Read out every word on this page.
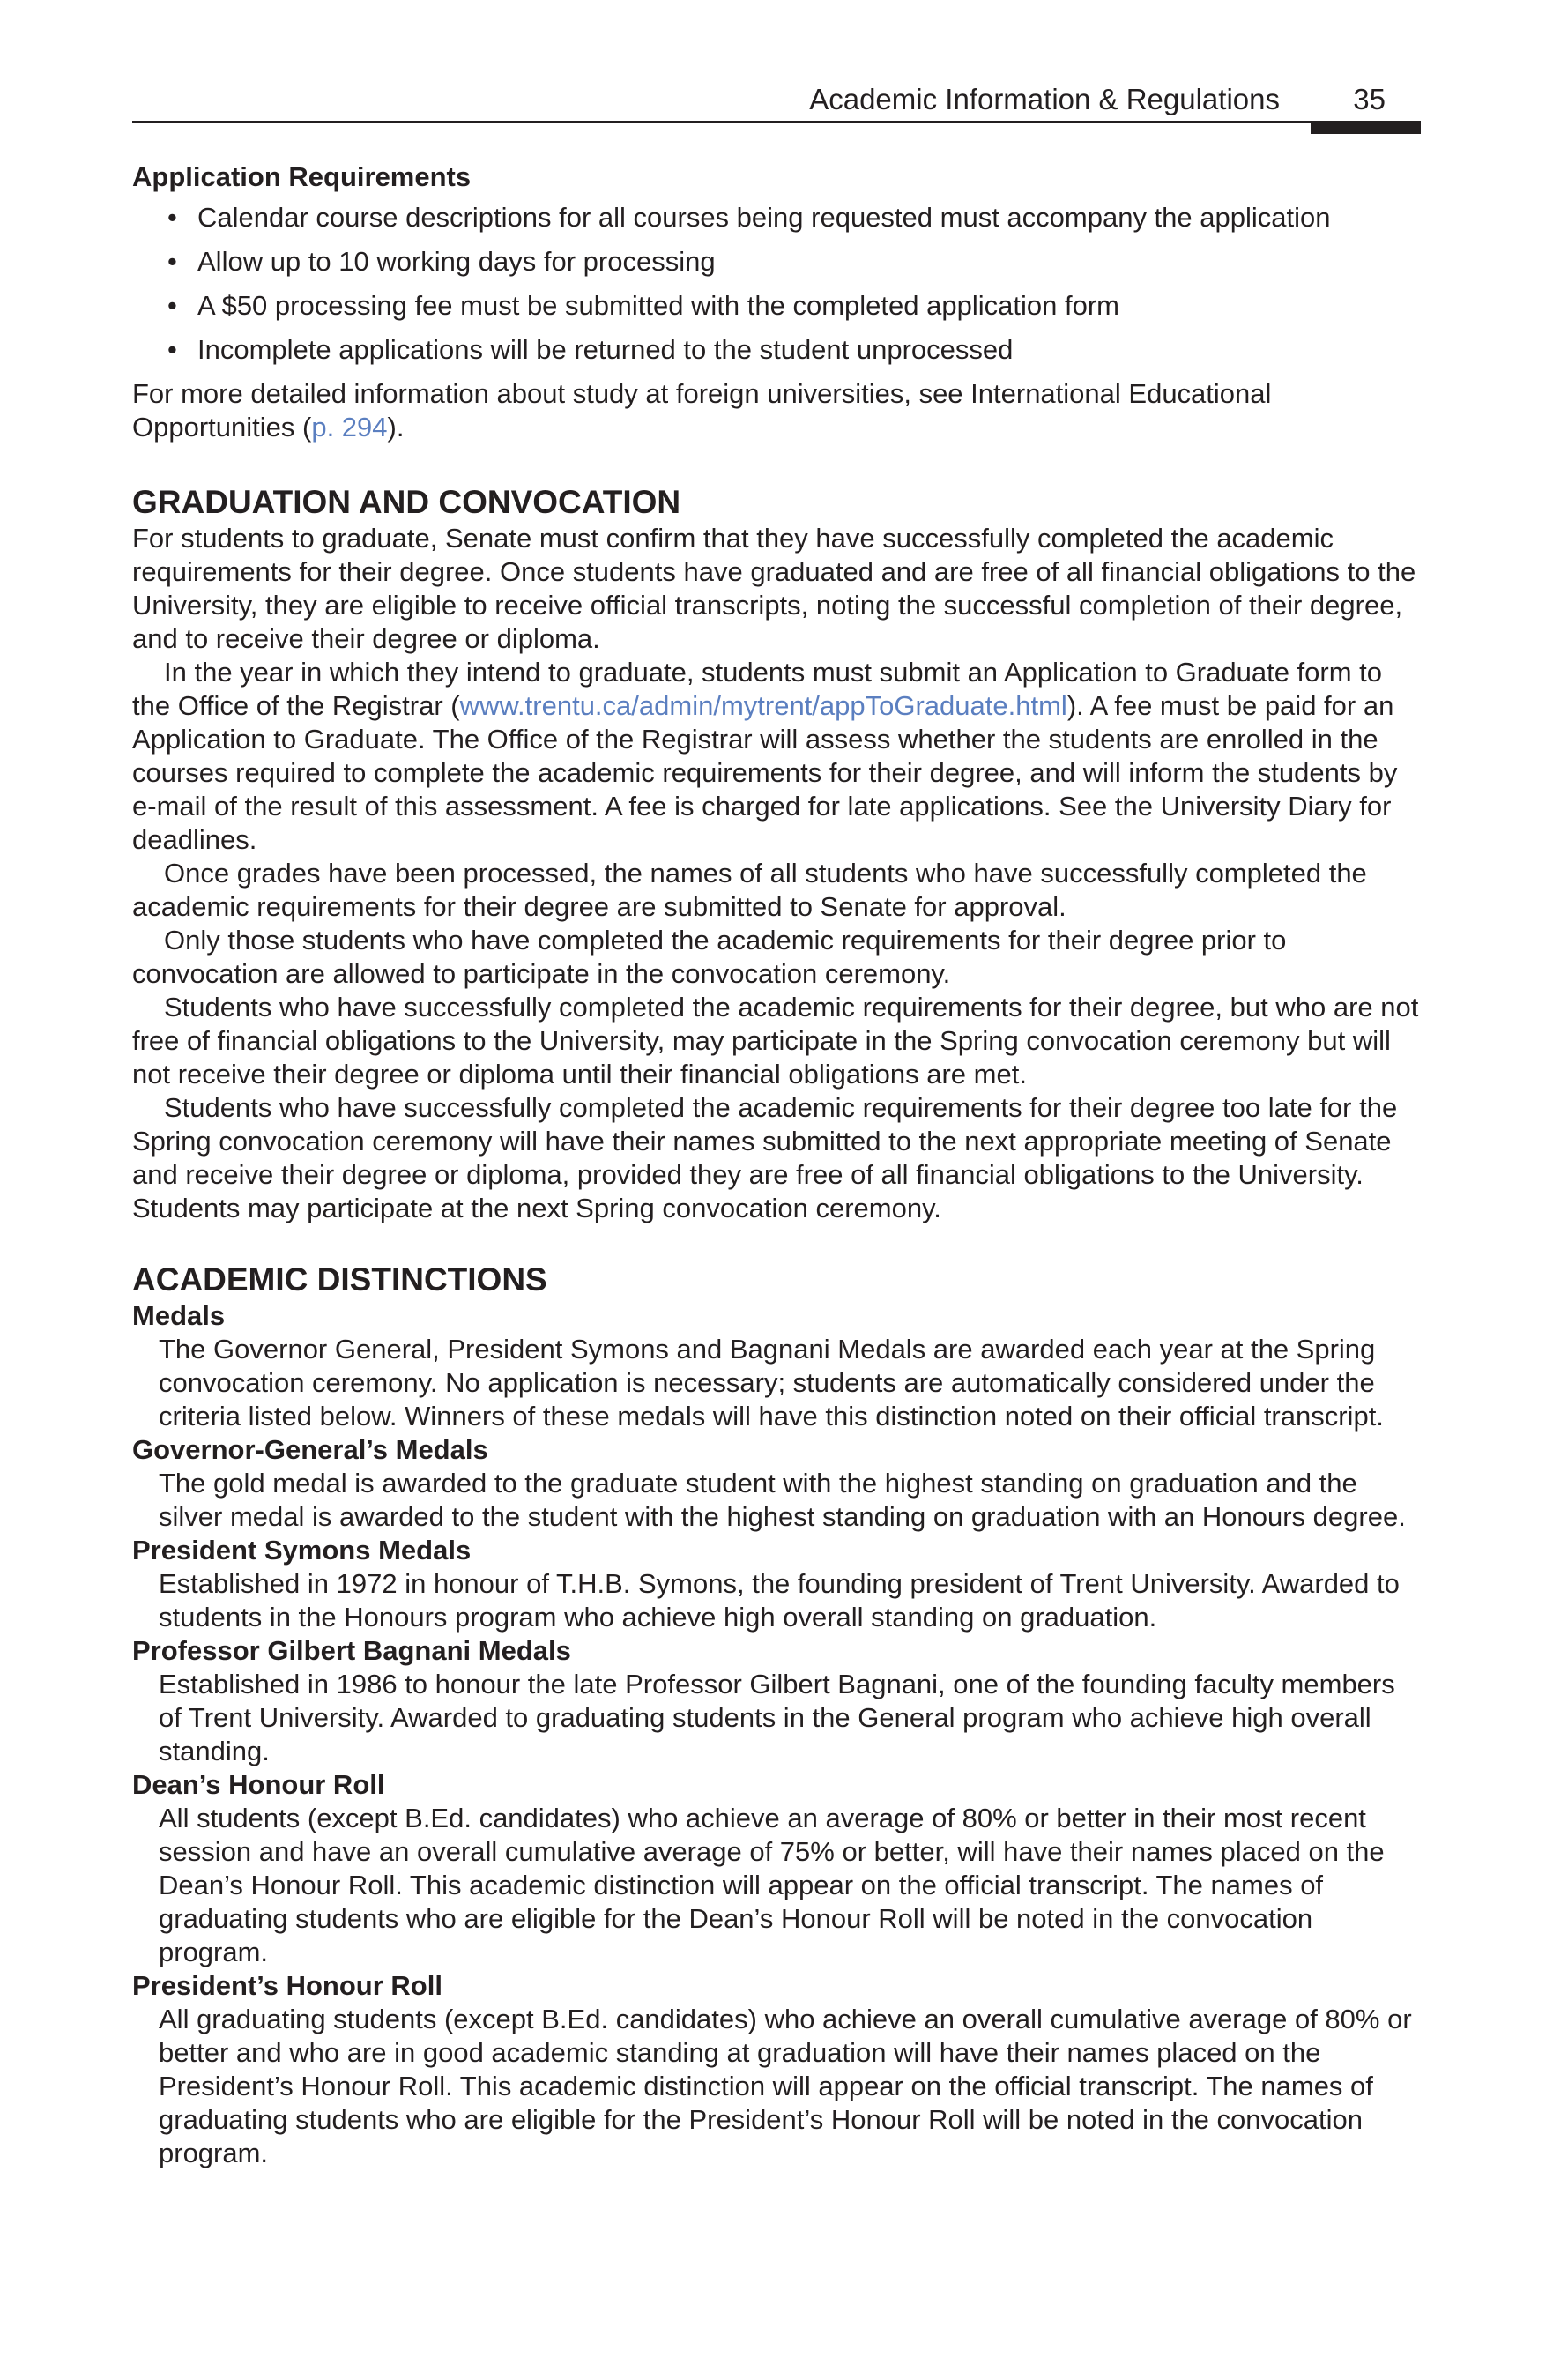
Academic Information & Regulations	35
Application Requirements
• Calendar course descriptions for all courses being requested must accompany the application
• Allow up to 10 working days for processing
• A $50 processing fee must be submitted with the completed application form
• Incomplete applications will be returned to the student unprocessed

For more detailed information about study at foreign universities, see International Educational Opportunities (p. 294).

GRADUATION AND CONVOCATION

For students to graduate, Senate must confirm that they have successfully completed the academic requirements for their degree. Once students have graduated and are free of all financial obligations to the University, they are eligible to receive official transcripts, noting the successful completion of their degree, and to receive their degree or diploma.

In the year in which they intend to graduate, students must submit an Application to Graduate form to the Office of the Registrar (www.trentu.ca/admin/mytrent/appToGraduate.html). A fee must be paid for an Application to Graduate. The Office of the Registrar will assess whether the students are enrolled in the courses required to complete the academic requirements for their degree, and will inform the students by e-mail of the result of this assessment. A fee is charged for late applications. See the University Diary for deadlines.

Once grades have been processed, the names of all students who have successfully completed the academic requirements for their degree are submitted to Senate for approval.

Only those students who have completed the academic requirements for their degree prior to convocation are allowed to participate in the convocation ceremony.

Students who have successfully completed the academic requirements for their degree, but who are not free of financial obligations to the University, may participate in the Spring convocation ceremony but will not receive their degree or diploma until their financial obligations are met.

Students who have successfully completed the academic requirements for their degree too late for the Spring convocation ceremony will have their names submitted to the next appropriate meeting of Senate and receive their degree or diploma, provided they are free of all financial obligations to the University. Students may participate at the next Spring convocation ceremony.

ACADEMIC DISTINCTIONS
Medals
The Governor General, President Symons and Bagnani Medals are awarded each year at the Spring convocation ceremony. No application is necessary; students are automatically considered under the criteria listed below. Winners of these medals will have this distinction noted on their official transcript.
Governor-General’s Medals
The gold medal is awarded to the graduate student with the highest standing on graduation and the silver medal is awarded to the student with the highest standing on graduation with an Honours degree.
President Symons Medals
Established in 1972 in honour of T.H.B. Symons, the founding president of Trent University. Awarded to students in the Honours program who achieve high overall standing on graduation.
Professor Gilbert Bagnani Medals
Established in 1986 to honour the late Professor Gilbert Bagnani, one of the founding faculty members of Trent University. Awarded to graduating students in the General program who achieve high overall standing.
Dean’s Honour Roll
All students (except B.Ed. candidates) who achieve an average of 80% or better in their most recent session and have an overall cumulative average of 75% or better, will have their names placed on the Dean’s Honour Roll. This academic distinction will appear on the official transcript. The names of graduating students who are eligible for the Dean’s Honour Roll will be noted in the convocation program.
President’s Honour Roll
All graduating students (except B.Ed. candidates) who achieve an overall cumulative average of 80% or better and who are in good academic standing at graduation will have their names placed on the President’s Honour Roll. This academic distinction will appear on the official transcript. The names of graduating students who are eligible for the President’s Honour Roll will be noted in the convocation program.
